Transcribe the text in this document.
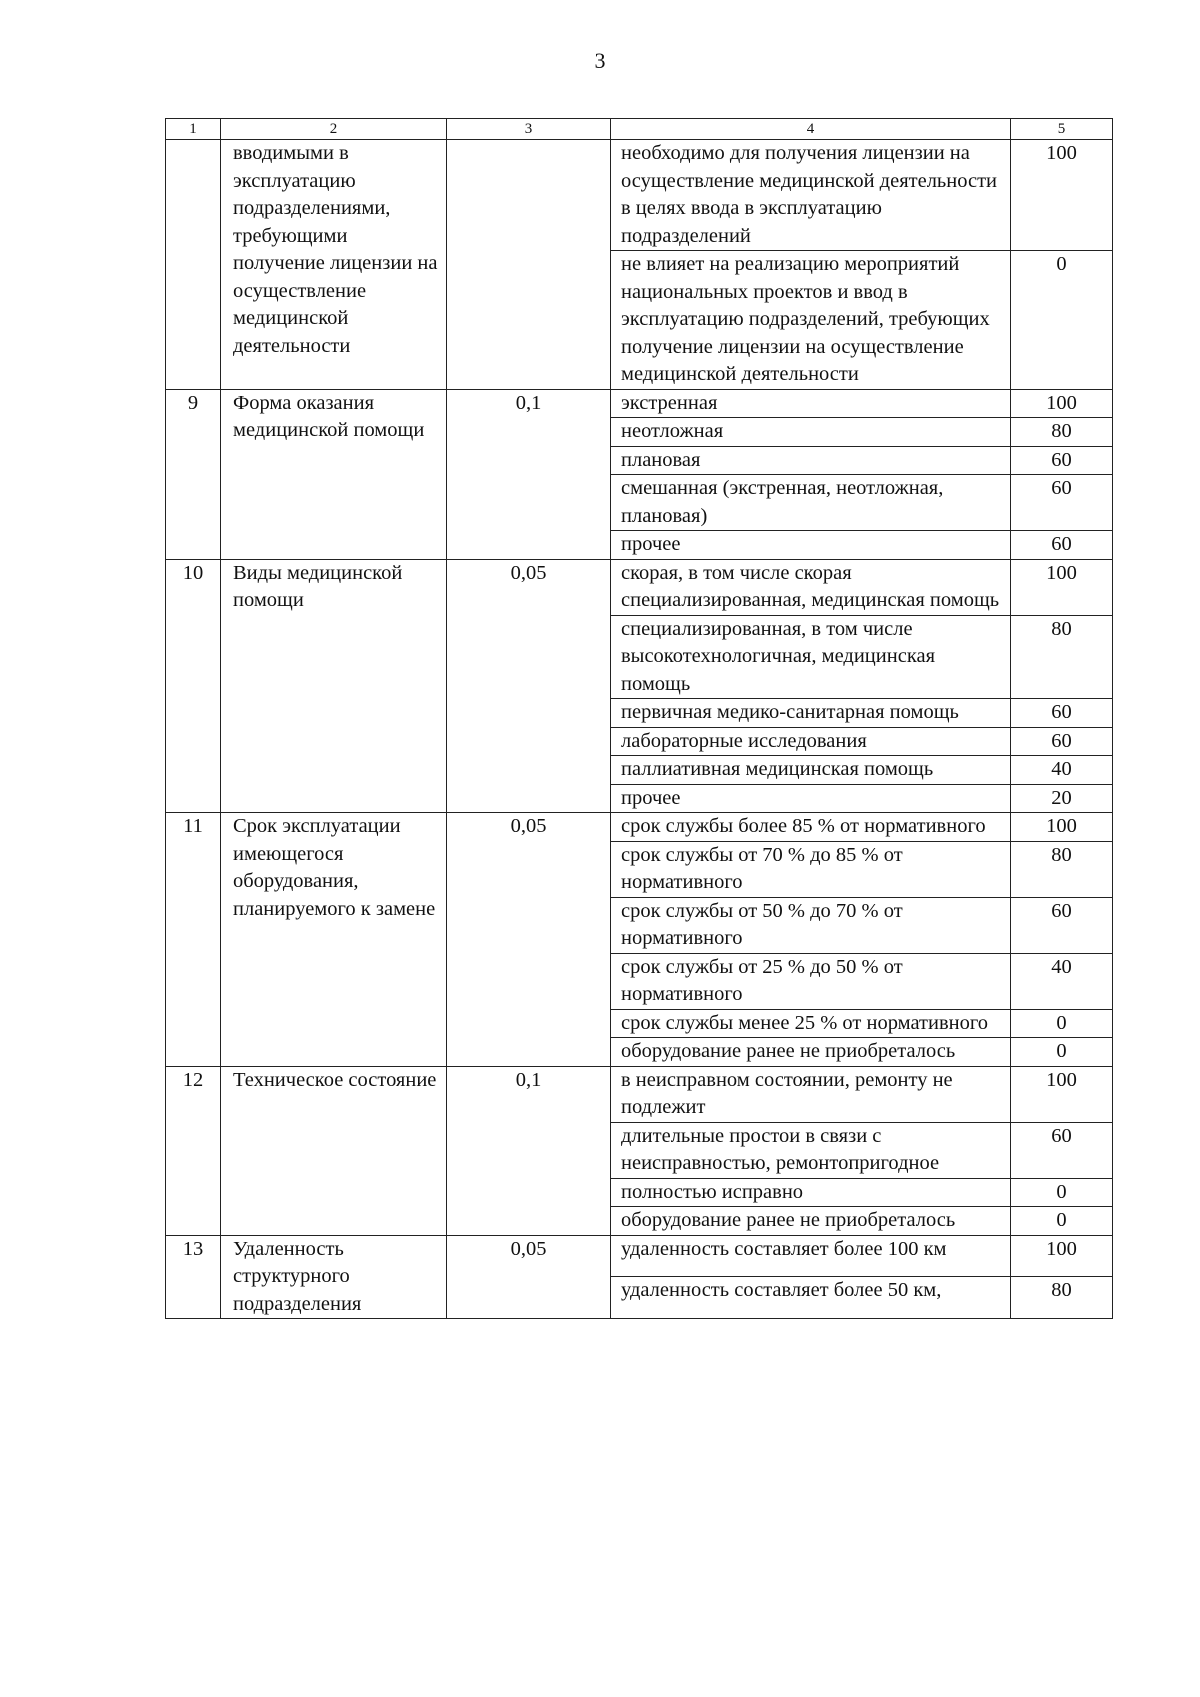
3
1	2	3	4	5
	вводимыми в эксплуатацию подразделениями, требующими получение лицензии на осуществление медицинской деятельности		необходимо для получения лицензии на осуществление медицинской деятельности в целях ввода в эксплуатацию подразделений	100
			не влияет на реализацию мероприятий национальных проектов и ввод в эксплуатацию подразделений, требующих получение лицензии на осуществление медицинской деятельности	0
9	Форма оказания медицинской помощи	0,1	экстренная	100
			неотложная	80
			плановая	60
			смешанная (экстренная, неотложная, плановая)	60
			прочее	60
10	Виды медицинской помощи	0,05	скорая, в том числе скорая специализированная, медицинская помощь	100
			специализированная, в том числе высокотехнологичная, медицинская помощь	80
			первичная медико-санитарная помощь	60
			лабораторные исследования	60
			паллиативная медицинская помощь	40
			прочее	20
11	Срок эксплуатации имеющегося оборудования, планируемого к замене	0,05	срок службы более 85 % от нормативного	100
			срок службы от 70 % до 85 % от нормативного	80
			срок службы от 50 % до 70 % от нормативного	60
			срок службы от 25 % до 50 % от нормативного	40
			срок службы менее 25 % от нормативного	0
			оборудование ранее не приобреталось	0
12	Техническое состояние	0,1	в неисправном состоянии, ремонту не подлежит	100
			длительные простои в связи с неисправностью, ремонтопригодное	60
			полностью исправно	0
			оборудование ранее не приобреталось	0
13	Удаленность структурного подразделения	0,05	удаленность составляет более 100 км	100
			удаленность составляет более 50 км,	80
